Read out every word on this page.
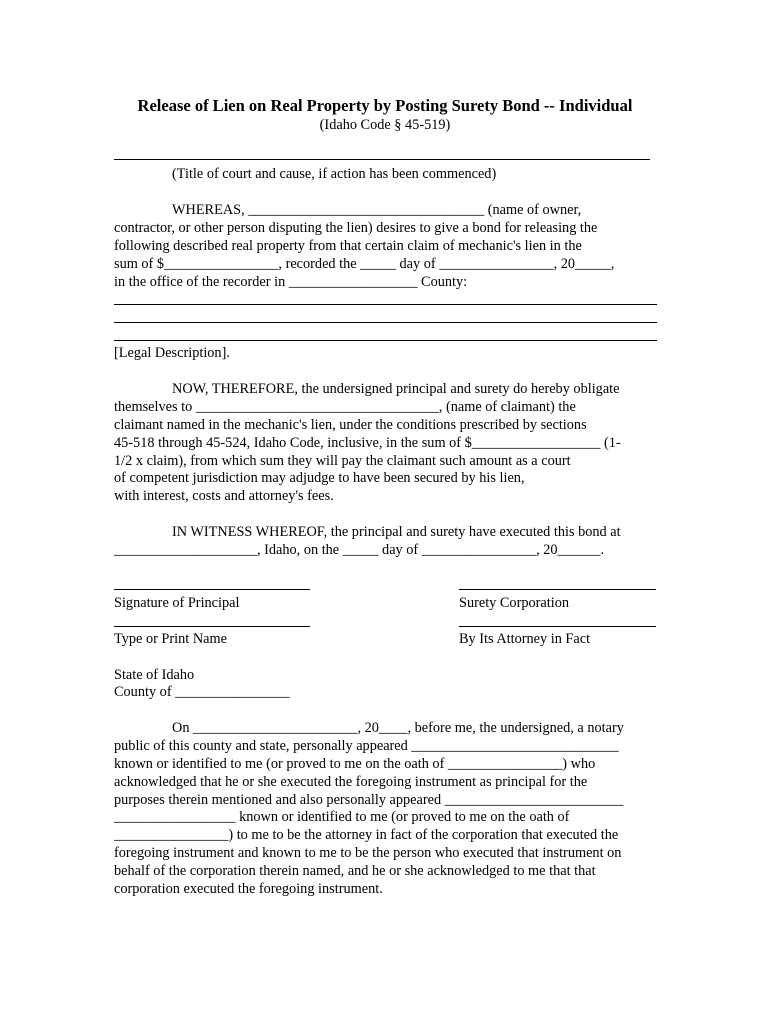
Release of Lien on Real Property by Posting Surety Bond -- Individual
(Idaho Code § 45-519)
(Title of court and cause, if action has been commenced)
WHEREAS, _________________________________ (name of owner,
contractor, or other person disputing the lien) desires to give a bond for releasing the
following described real property from that certain claim of mechanic's lien in the
sum of $________________, recorded the _____ day of ________________, 20_____,
in the office of the recorder in __________________ County:
[Legal Description].
NOW, THEREFORE, the undersigned principal and surety do hereby obligate
themselves to __________________________________, (name of claimant) the
claimant named in the mechanic's lien, under the conditions prescribed by sections
45-518 through 45-524, Idaho Code, inclusive, in the sum of $__________________ (1-
1/2 x claim), from which sum they will pay the claimant such amount as a court
of competent jurisdiction may adjudge to have been secured by his lien,
with interest, costs and attorney's fees.
IN WITNESS WHEREOF, the principal and surety have executed this bond at
____________________, Idaho, on the _____ day of ________________, 20______.
Signature of Principal	Surety Corporation
Type or Print Name	By Its Attorney in Fact
State of Idaho
County of ________________
On _______________________, 20____, before me, the undersigned, a notary
public of this county and state, personally appeared _____________________________
known or identified to me (or proved to me on the oath of ________________) who
acknowledged that he or she executed the foregoing instrument as principal for the
purposes therein mentioned and also personally appeared _________________________
_________________ known or identified to me (or proved to me on the oath of
________________) to me to be the attorney in fact of the corporation that executed the
foregoing instrument and known to me to be the person who executed that instrument on
behalf of the corporation therein named, and he or she acknowledged to me that that
corporation executed the foregoing instrument.
